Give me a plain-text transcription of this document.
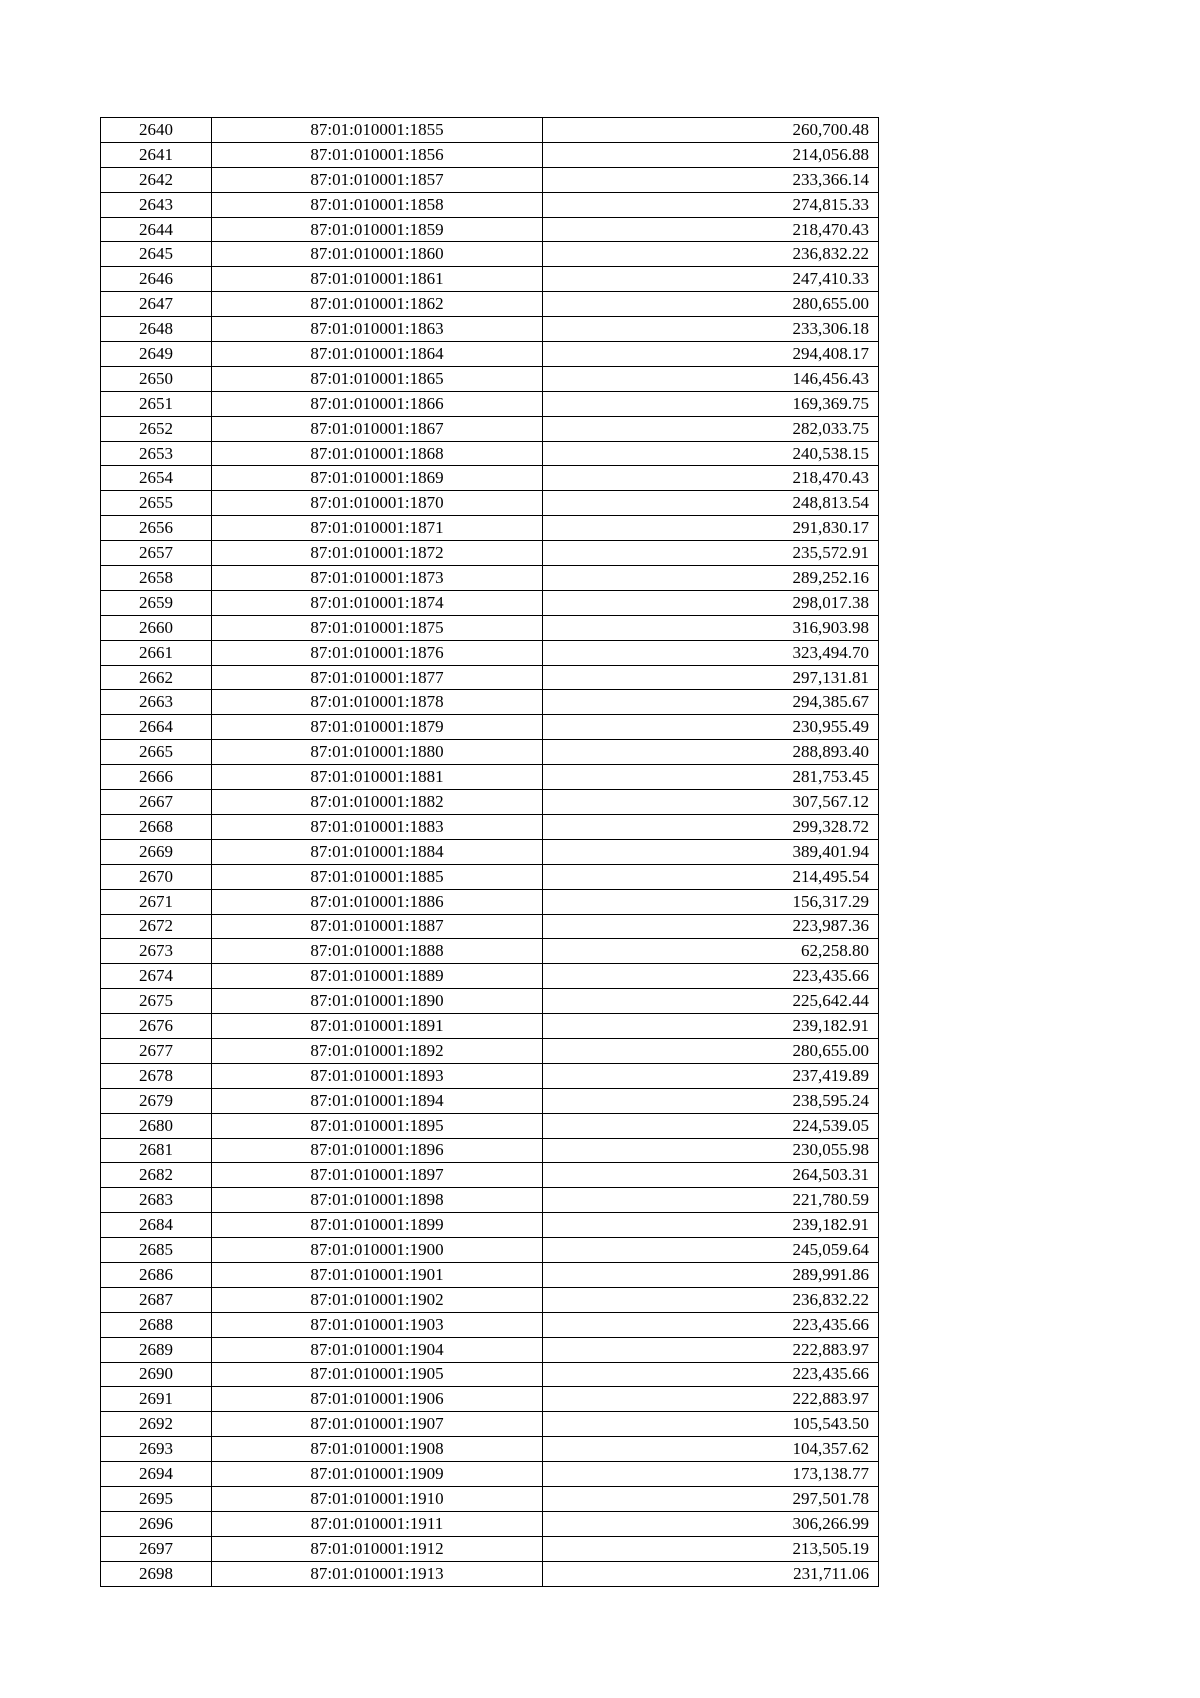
2640	87:01:010001:1855	260,700.48
2641	87:01:010001:1856	214,056.88
2642	87:01:010001:1857	233,366.14
2643	87:01:010001:1858	274,815.33
2644	87:01:010001:1859	218,470.43
2645	87:01:010001:1860	236,832.22
2646	87:01:010001:1861	247,410.33
2647	87:01:010001:1862	280,655.00
2648	87:01:010001:1863	233,306.18
2649	87:01:010001:1864	294,408.17
2650	87:01:010001:1865	146,456.43
2651	87:01:010001:1866	169,369.75
2652	87:01:010001:1867	282,033.75
2653	87:01:010001:1868	240,538.15
2654	87:01:010001:1869	218,470.43
2655	87:01:010001:1870	248,813.54
2656	87:01:010001:1871	291,830.17
2657	87:01:010001:1872	235,572.91
2658	87:01:010001:1873	289,252.16
2659	87:01:010001:1874	298,017.38
2660	87:01:010001:1875	316,903.98
2661	87:01:010001:1876	323,494.70
2662	87:01:010001:1877	297,131.81
2663	87:01:010001:1878	294,385.67
2664	87:01:010001:1879	230,955.49
2665	87:01:010001:1880	288,893.40
2666	87:01:010001:1881	281,753.45
2667	87:01:010001:1882	307,567.12
2668	87:01:010001:1883	299,328.72
2669	87:01:010001:1884	389,401.94
2670	87:01:010001:1885	214,495.54
2671	87:01:010001:1886	156,317.29
2672	87:01:010001:1887	223,987.36
2673	87:01:010001:1888	62,258.80
2674	87:01:010001:1889	223,435.66
2675	87:01:010001:1890	225,642.44
2676	87:01:010001:1891	239,182.91
2677	87:01:010001:1892	280,655.00
2678	87:01:010001:1893	237,419.89
2679	87:01:010001:1894	238,595.24
2680	87:01:010001:1895	224,539.05
2681	87:01:010001:1896	230,055.98
2682	87:01:010001:1897	264,503.31
2683	87:01:010001:1898	221,780.59
2684	87:01:010001:1899	239,182.91
2685	87:01:010001:1900	245,059.64
2686	87:01:010001:1901	289,991.86
2687	87:01:010001:1902	236,832.22
2688	87:01:010001:1903	223,435.66
2689	87:01:010001:1904	222,883.97
2690	87:01:010001:1905	223,435.66
2691	87:01:010001:1906	222,883.97
2692	87:01:010001:1907	105,543.50
2693	87:01:010001:1908	104,357.62
2694	87:01:010001:1909	173,138.77
2695	87:01:010001:1910	297,501.78
2696	87:01:010001:1911	306,266.99
2697	87:01:010001:1912	213,505.19
2698	87:01:010001:1913	231,711.06
